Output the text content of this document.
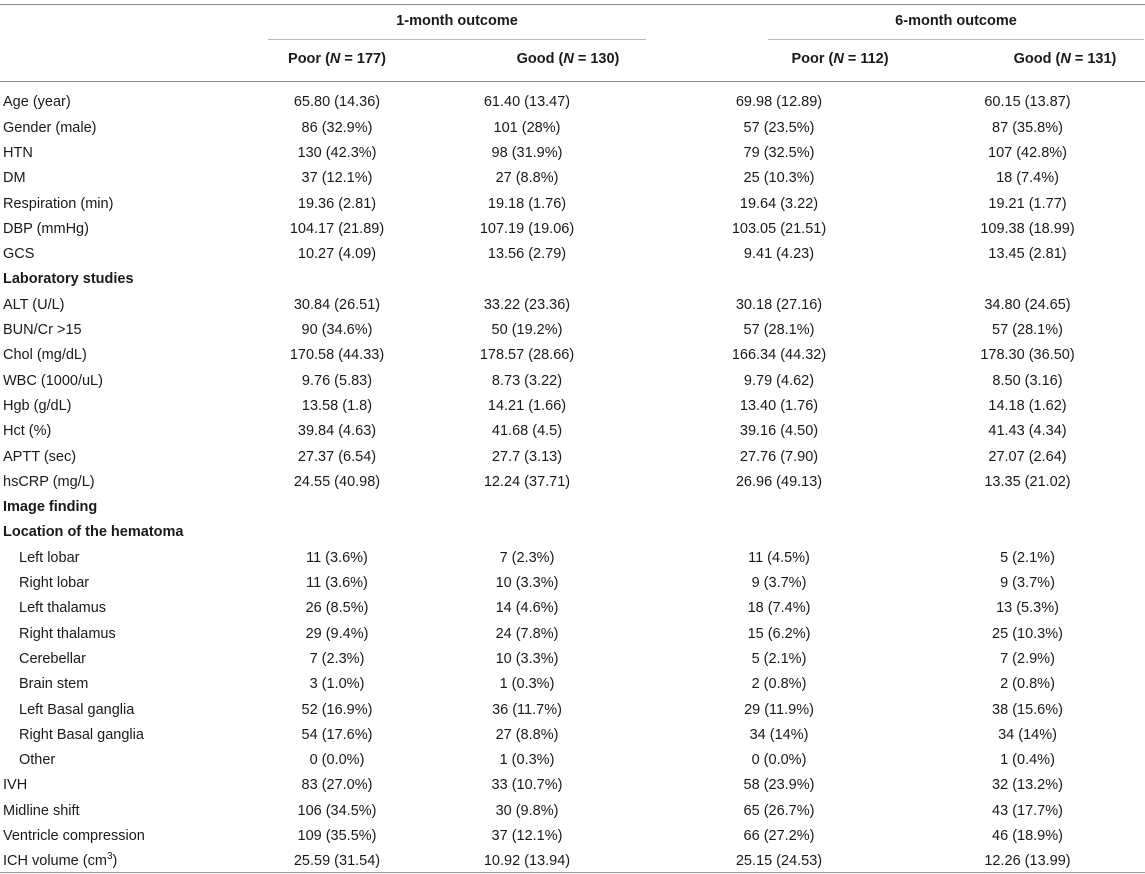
1-month outcome	6-month outcome
Poor (N = 177)	Good (N = 130)	Poor (N = 112)	Good (N = 131)
Age (year)	65.80 (14.36)	61.40 (13.47)	69.98 (12.89)	60.15 (13.87)
Gender (male)	86 (32.9%)	101 (28%)	57 (23.5%)	87 (35.8%)
HTN	130 (42.3%)	98 (31.9%)	79 (32.5%)	107 (42.8%)
DM	37 (12.1%)	27 (8.8%)	25 (10.3%)	18 (7.4%)
Respiration (min)	19.36 (2.81)	19.18 (1.76)	19.64 (3.22)	19.21 (1.77)
DBP (mmHg)	104.17 (21.89)	107.19 (19.06)	103.05 (21.51)	109.38 (18.99)
GCS	10.27 (4.09)	13.56 (2.79)	9.41 (4.23)	13.45 (2.81)
Laboratory studies				
ALT (U/L)	30.84 (26.51)	33.22 (23.36)	30.18 (27.16)	34.80 (24.65)
BUN/Cr >15	90 (34.6%)	50 (19.2%)	57 (28.1%)	57 (28.1%)
Chol (mg/dL)	170.58 (44.33)	178.57 (28.66)	166.34 (44.32)	178.30 (36.50)
WBC (1000/uL)	9.76 (5.83)	8.73 (3.22)	9.79 (4.62)	8.50 (3.16)
Hgb (g/dL)	13.58 (1.8)	14.21 (1.66)	13.40 (1.76)	14.18 (1.62)
Hct (%)	39.84 (4.63)	41.68 (4.5)	39.16 (4.50)	41.43 (4.34)
APTT (sec)	27.37 (6.54)	27.7 (3.13)	27.76 (7.90)	27.07 (2.64)
hsCRP (mg/L)	24.55 (40.98)	12.24 (37.71)	26.96 (49.13)	13.35 (21.02)
Image finding				
Location of the hematoma				
Left lobar	11 (3.6%)	7 (2.3%)	11 (4.5%)	5 (2.1%)
Right lobar	11 (3.6%)	10 (3.3%)	9 (3.7%)	9 (3.7%)
Left thalamus	26 (8.5%)	14 (4.6%)	18 (7.4%)	13 (5.3%)
Right thalamus	29 (9.4%)	24 (7.8%)	15 (6.2%)	25 (10.3%)
Cerebellar	7 (2.3%)	10 (3.3%)	5 (2.1%)	7 (2.9%)
Brain stem	3 (1.0%)	1 (0.3%)	2 (0.8%)	2 (0.8%)
Left Basal ganglia	52 (16.9%)	36 (11.7%)	29 (11.9%)	38 (15.6%)
Right Basal ganglia	54 (17.6%)	27 (8.8%)	34 (14%)	34 (14%)
Other	0 (0.0%)	1 (0.3%)	0 (0.0%)	1 (0.4%)
IVH	83 (27.0%)	33 (10.7%)	58 (23.9%)	32 (13.2%)
Midline shift	106 (34.5%)	30 (9.8%)	65 (26.7%)	43 (17.7%)
Ventricle compression	109 (35.5%)	37 (12.1%)	66 (27.2%)	46 (18.9%)
ICH volume $(cm^3)$	25.59 (31.54)	10.92 (13.94)	25.15 (24.53)	12.26 (13.99)
